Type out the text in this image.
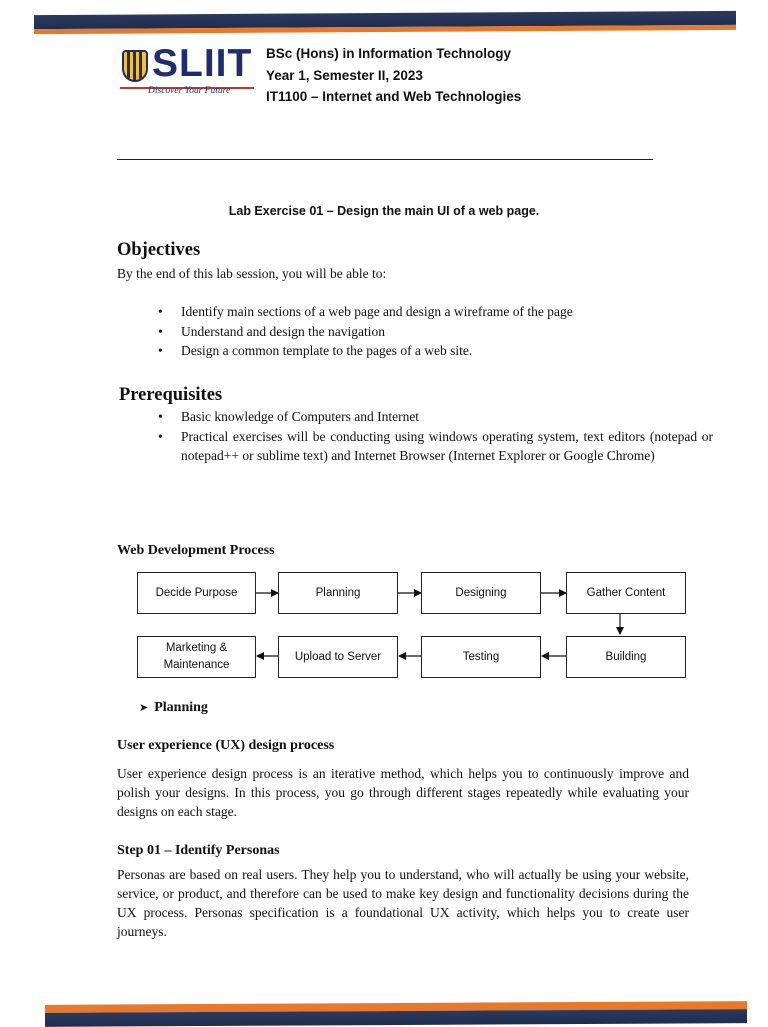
SLIIT
Discover Your Future
BSc (Hons) in Information Technology
Year 1, Semester II, 2023
IT1100 – Internet and Web Technologies
Lab Exercise 01 – Design the main UI of a web page.
Objectives
By the end of this lab session, you will be able to:
• Identify main sections of a web page and design a wireframe of the page
• Understand and design the navigation
• Design a common template to the pages of a web site.
Prerequisites
• Basic knowledge of Computers and Internet
• Practical exercises will be conducting using windows operating system, text editors (notepad or notepad++ or sublime text) and Internet Browser (Internet Explorer or Google Chrome)
Web Development Process
Decide Purpose	Planning	Designing	Gather Content
Building
Testing
Upload to Server
Marketing & Maintenance
➤ Planning
User experience (UX) design process
User experience design process is an iterative method, which helps you to continuously improve and polish your designs. In this process, you go through different stages repeatedly while evaluating your designs on each stage.
Step 01 – Identify Personas
Personas are based on real users. They help you to understand, who will actually be using your website, service, or product, and therefore can be used to make key design and functionality decisions during the UX process. Personas specification is a foundational UX activity, which helps you to create user journeys.
